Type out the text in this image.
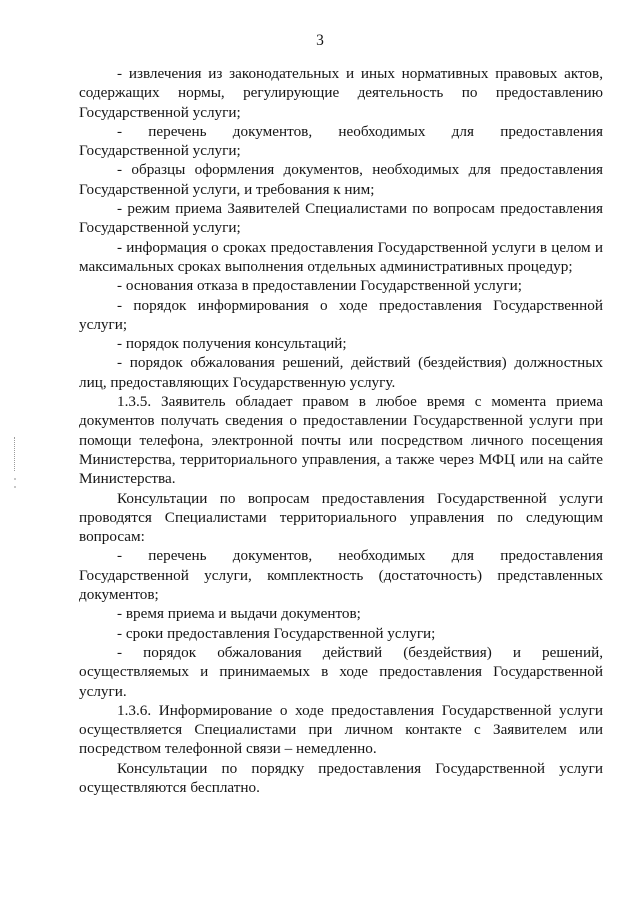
3

- извлечения из законодательных и иных нормативных правовых актов, содержащих нормы, регулирующие деятельность по предоставлению Государственной услуги;

- перечень документов, необходимых для предоставления Государственной услуги;

- образцы оформления документов, необходимых для предоставления Государственной услуги, и требования к ним;

- режим приема Заявителей Специалистами по вопросам предоставления Государственной услуги;

- информация о сроках предоставления Государственной услуги в целом и максимальных сроках выполнения отдельных административных процедур;

- основания отказа в предоставлении Государственной услуги;

- порядок информирования о ходе предоставления Государственной услуги;

- порядок получения консультаций;

- порядок обжалования решений, действий (бездействия) должностных лиц, предоставляющих Государственную услугу.

1.3.5. Заявитель обладает правом в любое время с момента приема документов получать сведения о предоставлении Государственной услуги при помощи телефона, электронной почты или посредством личного посещения Министерства, территориального управления, а также через МФЦ или на сайте Министерства.

Консультации по вопросам предоставления Государственной услуги проводятся Специалистами территориального управления по следующим вопросам:

- перечень документов, необходимых для предоставления Государственной услуги, комплектность (достаточность) представленных документов;

- время приема и выдачи документов;

- сроки предоставления Государственной услуги;

- порядок обжалования действий (бездействия) и решений, осуществляемых и принимаемых в ходе предоставления Государственной услуги.

1.3.6. Информирование о ходе предоставления Государственной услуги осуществляется Специалистами при личном контакте с Заявителем или посредством телефонной связи – немедленно.

Консультации по порядку предоставления Государственной услуги осуществляются бесплатно.
